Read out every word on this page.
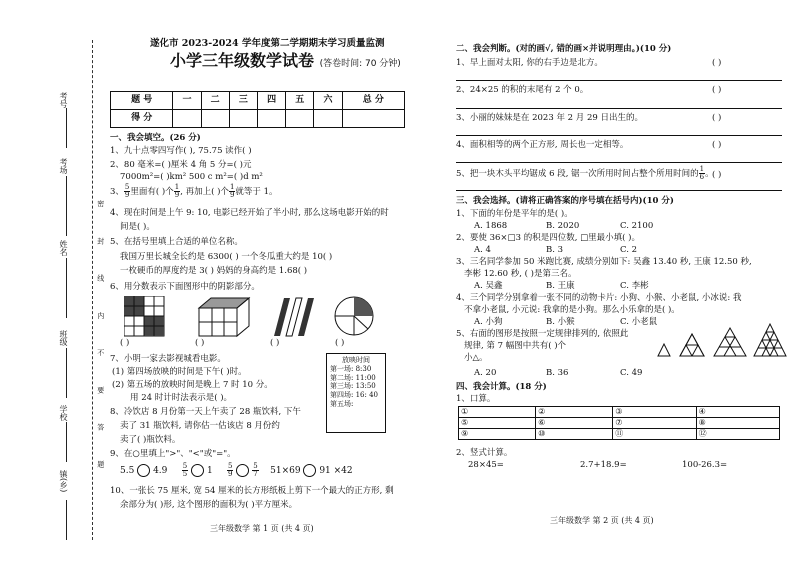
考号
考场
姓名
班级
学校
镇(乡)	密 封 线 内 不 要 答 题
遂化市 2023-2024 学年度第二学期期末学习质量监测
小学三年级数学试卷 (答卷时间: 70 分钟)
题 号	一	二	三	四	五	六	总 分
得 分							
一、我会填空。(26 分)
1、九十点零四写作( ), 75.75 读作( )
2、80 毫米=( )厘米 4 角 5 分=( )元
7000m²=( )km² 500 c m²=( )d m²
3、 $\frac{5}{9}$ 里面有( )个 $\frac{1}{9}$ , 再加上( )个 $\frac{1}{9}$ 就等于 1。
4、现在时间是上午 9: 10, 电影已经开始了半小时, 那么这场电影开始的时
间是( )。
5、在括号里填上合适的单位名称。
我国万里长城全长约是 6300( ) 一个冬瓜重大约是 10( )
一枚硬币的厚度约是 3( ) 妈妈的身高约是 1.68( )
6、用分数表示下面图形中的阴影部分。
( )	( )	( )	( )
7、小明一家去影视城看电影。
(1) 第四场放映的时间是下午( )时。
(2) 第五场的放映时间是晚上 7 时 10 分。
用 24 时计时法表示是( )。
放映时间
第一场: 8:30
第二场: 11:00
第三场: 13:50
第四场: 16: 40
第五场:
8、冷饮店 8 月份第一天上午卖了 28 瓶饮料, 下午
卖了 31 瓶饮料, 请你估一估该店 8 月份约
卖了( )瓶饮料。
9、在○里填上">"、"<"或"="。
5.5 $4.9 \frac{5}{5} 1 \frac{5}{9}$
	$\frac{5}{7} 51\times 69$ 91 ×42
10、一张长 75 厘米, 宽 54 厘米的长方形纸板上剪下一个最大的正方形, 剩
余部分为( )形, 这个图形的面积为( )平方厘米。
三年级数学 第 1 页 (共 4 页)
二、我会判断。(对的画√, 错的画×并说明理由。)(10 分)
1、早上面对太阳, 你的右手边是北方。	( )
2、24×25 的积的末尾有 2 个 0。	( )
3、小丽的妹妹是在 2023 年 2 月 29 日出生的。	( )
4、面积相等的两个正方形, 周长也一定相等。	( )
5、把一块木头平均锯成 6 段, 锯一次所用时间占整个所用时间的 $\frac{1}{6}$ 。
( )
三、我会选择。(请将正确答案的序号填在括号内)(10 分)
1、下面的年份是平年的是( )。
A. 1868	B. 2020	C. 2100
2、要使 36×□3 的积是四位数, □里最小填( )。
A. 4	B. 3	C. 2
3、三名同学参加 50 米跑比赛, 成绩分别如下: 吴鑫 13.40 秒, 王康 12.50 秒,
李彬 12.60 秒, ( )是第三名。
A. 吴鑫	B. 王康	C. 李彬
4、三个同学分别拿着一张不同的动物卡片: 小狗、小猴、小老鼠, 小冰说: 我
不拿小老鼠, 小元说: 我拿的是小狗。那么小乐拿的是( )。
A. 小狗	B. 小猴	C. 小老鼠
5、右面的图形是按照一定规律排列的, 依照此
规律, 第 7 幅图中共有( )个
小△。
A. 20	B. 36	C. 49
四、我会计算。(18 分)
1、口算。
①	②	③	④
⑤	⑥	⑦	⑧
⑨	⑩	⑪	⑫
2、竖式计算。
28×45=	2.7+18.9=	100-26.3=
三年级数学 第 2 页 (共 4 页)
